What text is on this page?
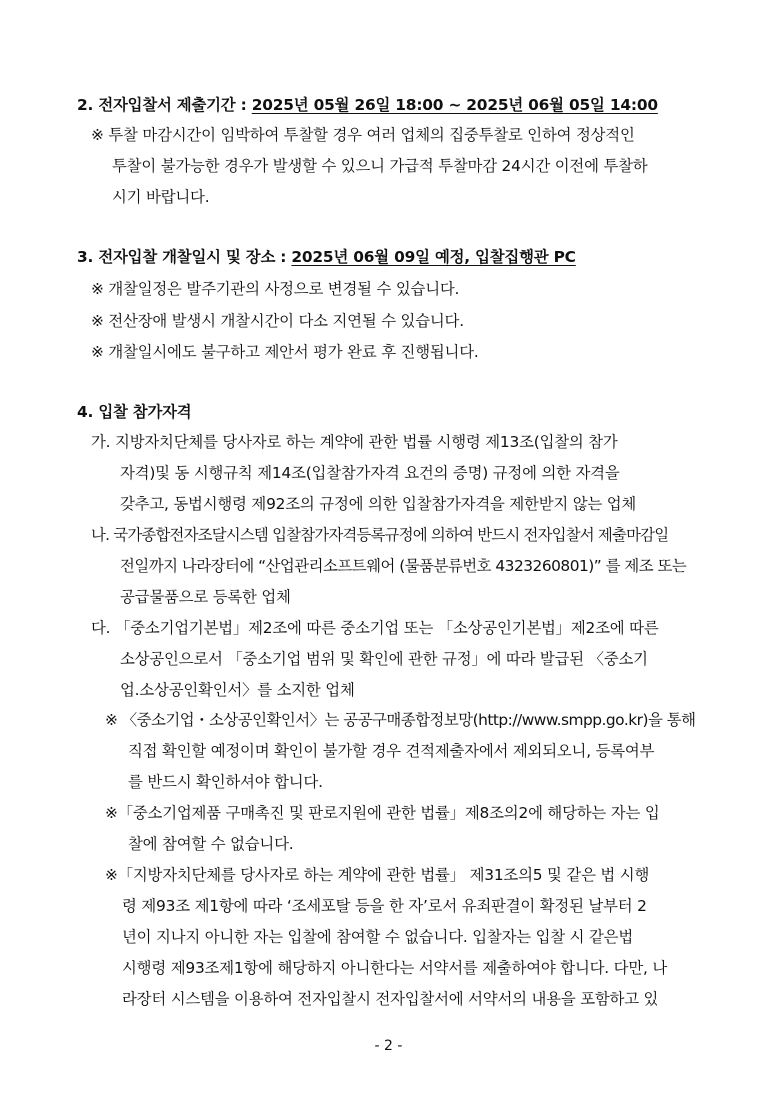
2. 전자입찰서 제출기간 : 2025년 05월 26일 18:00 ~ 2025년 06월 05일 14:00
※ 투찰 마감시간이 임박하여 투찰할 경우 여러 업체의 집중투찰로 인하여 정상적인
투찰이 불가능한 경우가 발생할 수 있으니 가급적 투찰마감 24시간 이전에 투찰하
시기 바랍니다.
3. 전자입찰 개찰일시 및 장소 : 2025년 06월 09일 예정, 입찰집행관 PC
※ 개찰일정은 발주기관의 사정으로 변경될 수 있습니다.
※ 전산장애 발생시 개찰시간이 다소 지연될 수 있습니다.
※ 개찰일시에도 불구하고 제안서 평가 완료 후 진행됩니다.
4. 입찰 참가자격
가. 지방자치단체를 당사자로 하는 계약에 관한 법률 시행령 제13조(입찰의 참가
자격)및 동 시행규칙 제14조(입찰참가자격 요건의 증명) 규정에 의한 자격을
갖추고, 동법시행령 제92조의 규정에 의한 입찰참가자격을 제한받지 않는 업체
나. 국가종합전자조달시스템 입찰참가자격등록규정에 의하여 반드시 전자입찰서 제출마감일
전일까지 나라장터에 “산업관리소프트웨어 (물품분류번호 4323260801)” 를 제조 또는
공급물품으로 등록한 업체
다. 「중소기업기본법」제2조에 따른 중소기업 또는 「소상공인기본법」제2조에 따른
소상공인으로서 「중소기업 범위 및 확인에 관한 규정」에 따라 발급된 〈중소기
업.소상공인확인서〉를 소지한 업체
※ 〈중소기업・소상공인확인서〉는 공공구매종합정보망(http://www.smpp.go.kr)을 통해
직접 확인할 예정이며 확인이 불가할 경우 견적제출자에서 제외되오니, 등록여부
를 반드시 확인하셔야 합니다.
※「중소기업제품 구매촉진 및 판로지원에 관한 법률」제8조의2에 해당하는 자는 입
찰에 참여할 수 없습니다.
※「지방자치단체를 당사자로 하는 계약에 관한 법률」 제31조의5 및 같은 법 시행
령 제93조 제1항에 따라 ‘조세포탈 등을 한 자’로서 유죄판결이 확정된 날부터 2
년이 지나지 아니한 자는 입찰에 참여할 수 없습니다. 입찰자는 입찰 시 같은법
시행령 제93조제1항에 해당하지 아니한다는 서약서를 제출하여야 합니다. 다만, 나
라장터 시스템을 이용하여 전자입찰시 전자입찰서에 서약서의 내용을 포함하고 있
- 2 -
